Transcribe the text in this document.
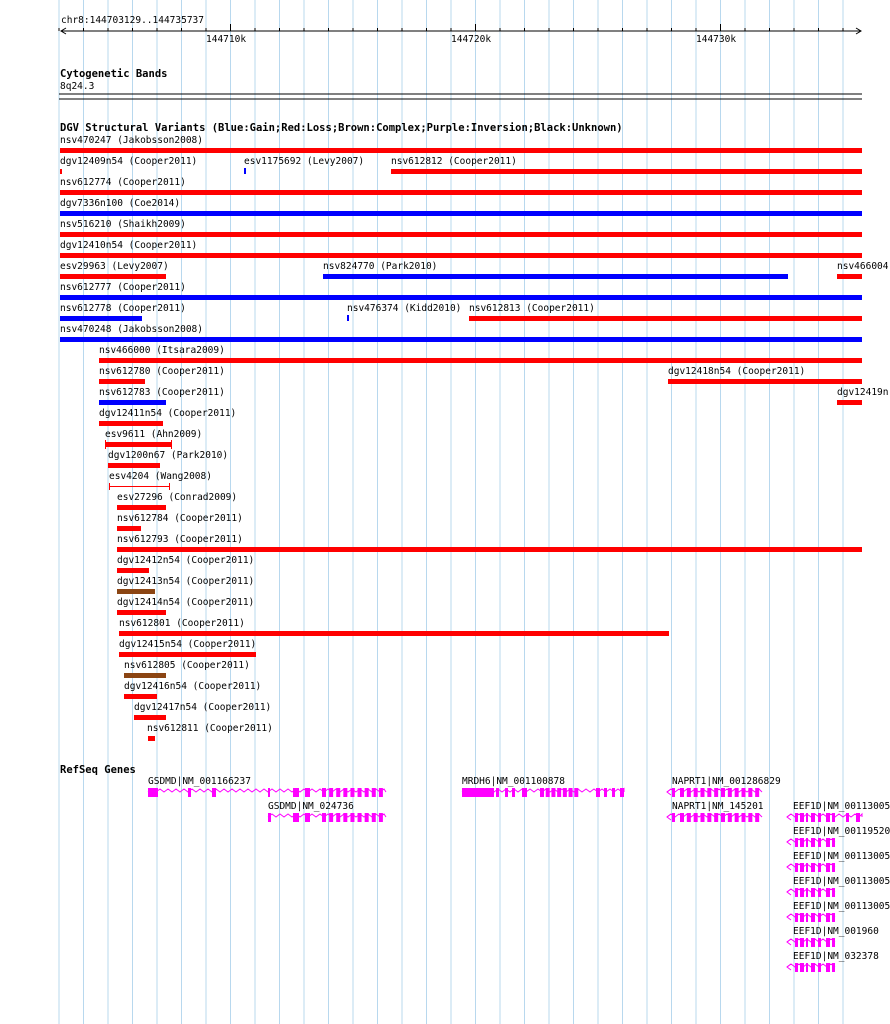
chr8:144703129..144735737
144710k	144720k	144730k
Cytogenetic Bands
8q24.3
DGV Structural Variants (Blue:Gain;Red:Loss;Brown:Complex;Purple:Inversion;Black:Unknown)
nsv470247 (Jakobsson2008)
dgv12409n54 (Cooper2011)	esv1175692 (Levy2007)	nsv612812 (Cooper2011)
nsv612774 (Cooper2011)
dgv7336n100 (Coe2014)
nsv516210 (Shaikh2009)
dgv12410n54 (Cooper2011)
esv29963 (Levy2007)	nsv824770 (Park2010)	nsv466004
nsv612777 (Cooper2011)
nsv612778 (Cooper2011)	nsv476374 (Kidd2010) nsv612813 (Cooper2011)
nsv470248 (Jakobsson2008)
nsv466000 (Itsara2009)
nsv612780 (Cooper2011)	dgv12418n54 (Cooper2011)
nsv612783 (Cooper2011)	dgv12419n
dgv12411n54 (Cooper2011)
esv9611 (Ahn2009)
dgv1200n67 (Park2010)
esv4204 (Wang2008)
esv27296 (Conrad2009)
nsv612784 (Cooper2011)
nsv612793 (Cooper2011)
dgv12412n54 (Cooper2011)
dgv12413n54 (Cooper2011)
dgv12414n54 (Cooper2011)
nsv612801 (Cooper2011)
dgv12415n54 (Cooper2011)
nsv612805 (Cooper2011)
dgv12416n54 (Cooper2011)
dgv12417n54 (Cooper2011)
nsv612811 (Cooper2011)
RefSeq Genes
GSDMD|NM_001166237
GSDMD|NM_024736
MRDH6|NM_001100878	NAPRT1|NM_001286829
NAPRT1|NM_145201	EEF1D|NM_00113005
EEF1D|NM_00119520
EEF1D|NM_00113005
EEF1D|NM_00113005
EEF1D|NM_00113005
EEF1D|NM_001960
EEF1D|NM_032378
